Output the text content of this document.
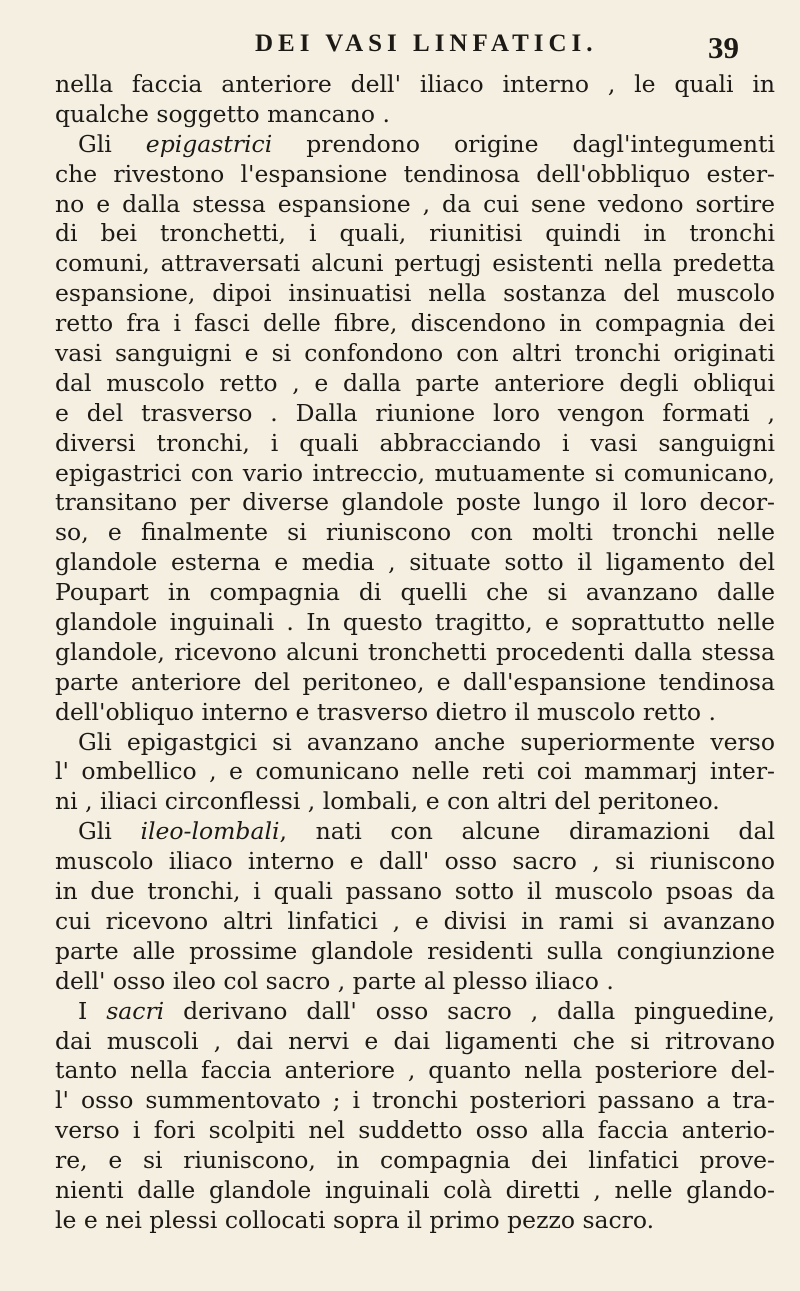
DEI VASI LINFATICI.	39
nella faccia anteriore dell' iliaco interno , le quali in
qualche soggetto mancano .
Gli epigastrici prendono origine dagl'integumenti
che rivestono l'espansione tendinosa dell'obbliquo ester-
no e dalla stessa espansione , da cui sene vedono sortire
di bei tronchetti, i quali, riunitisi quindi in tronchi
comuni, attraversati alcuni pertugj esistenti nella predetta
espansione, dipoi insinuatisi nella sostanza del muscolo
retto fra i fasci delle fibre, discendono in compagnia dei
vasi sanguigni e si confondono con altri tronchi originati
dal muscolo retto , e dalla parte anteriore degli obliqui
e del trasverso . Dalla riunione loro vengon formati ,
diversi tronchi, i quali abbracciando i vasi sanguigni
epigastrici con vario intreccio, mutuamente si comunicano,
transitano per diverse glandole poste lungo il loro decor-
so, e finalmente si riuniscono con molti tronchi nelle
glandole esterna e media , situate sotto il ligamento del
Poupart in compagnia di quelli che si avanzano dalle
glandole inguinali . In questo tragitto, e soprattutto nelle
glandole, ricevono alcuni tronchetti procedenti dalla stessa
parte anteriore del peritoneo, e dall'espansione tendinosa
dell'obliquo interno e trasverso dietro il muscolo retto .
Gli epigastgici si avanzano anche superiormente verso
l' ombellico , e comunicano nelle reti coi mammarj inter-
ni , iliaci circonflessi , lombali, e con altri del peritoneo.
Gli ileo-lombali, nati con alcune diramazioni dal
muscolo iliaco interno e dall' osso sacro , si riuniscono
in due tronchi, i quali passano sotto il muscolo psoas da
cui ricevono altri linfatici , e divisi in rami si avanzano
parte alle prossime glandole residenti sulla congiunzione
dell' osso ileo col sacro , parte al plesso iliaco .
I sacri derivano dall' osso sacro , dalla pinguedine,
dai muscoli , dai nervi e dai ligamenti che si ritrovano
tanto nella faccia anteriore , quanto nella posteriore del-
l' osso summentovato ; i tronchi posteriori passano a tra-
verso i fori scolpiti nel suddetto osso alla faccia anterio-
re, e si riuniscono, in compagnia dei linfatici prove-
nienti dalle glandole inguinali colà diretti , nelle glando-
le e nei plessi collocati sopra il primo pezzo sacro.
